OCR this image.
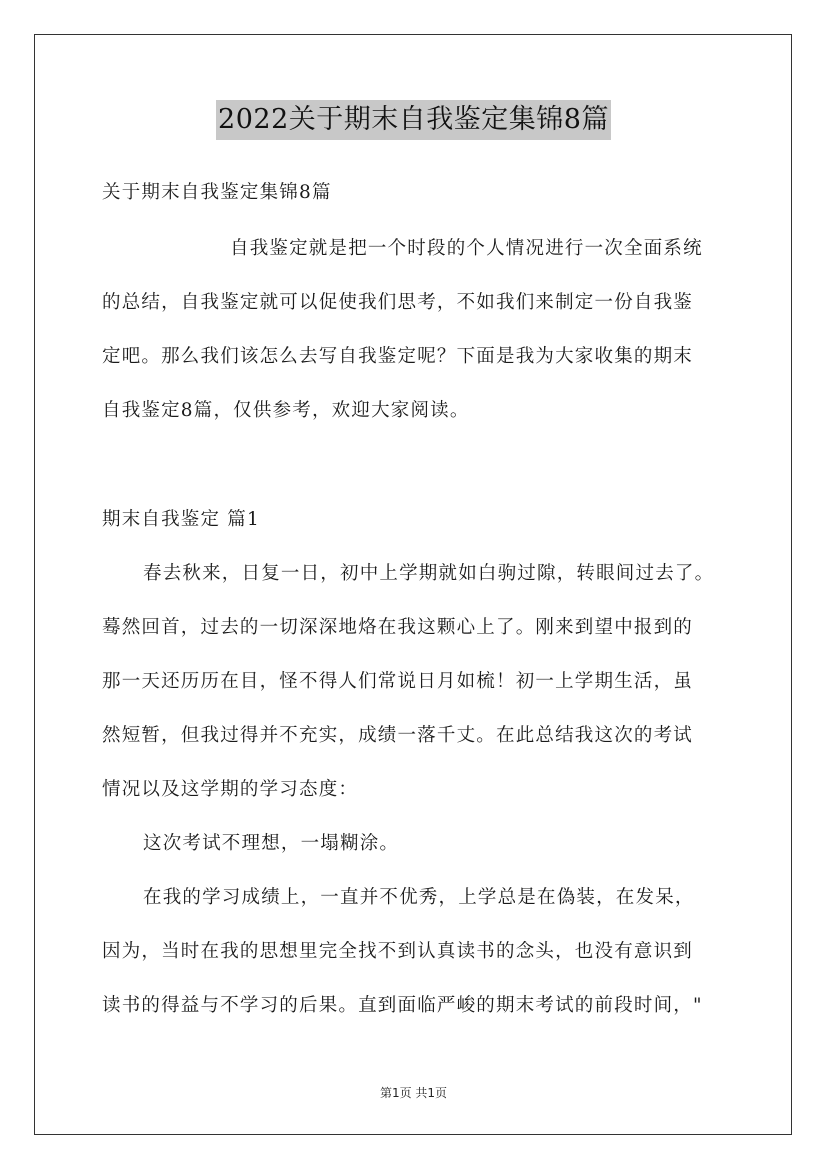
2022关于期末自我鉴定集锦8篇
关于期末自我鉴定集锦8篇
自我鉴定就是把一个时段的个人情况进行一次全面系统
的总结，自我鉴定就可以促使我们思考，不如我们来制定一份自我鉴
定吧。那么我们该怎么去写自我鉴定呢？下面是我为大家收集的期末
自我鉴定8篇，仅供参考，欢迎大家阅读。
期末自我鉴定 篇1
春去秋来，日复一日，初中上学期就如白驹过隙，转眼间过去了。
蓦然回首，过去的一切深深地烙在我这颗心上了。刚来到望中报到的
那一天还历历在目，怪不得人们常说日月如梳！初一上学期生活，虽
然短暂，但我过得并不充实，成绩一落千丈。在此总结我这次的考试
情况以及这学期的学习态度：
这次考试不理想，一塌糊涂。
在我的学习成绩上，一直并不优秀，上学总是在偽装，在发呆，
因为，当时在我的思想里完全找不到认真读书的念头，也没有意识到
读书的得益与不学习的后果。直到面临严峻的期末考试的前段时间，"
第1页 共1页
